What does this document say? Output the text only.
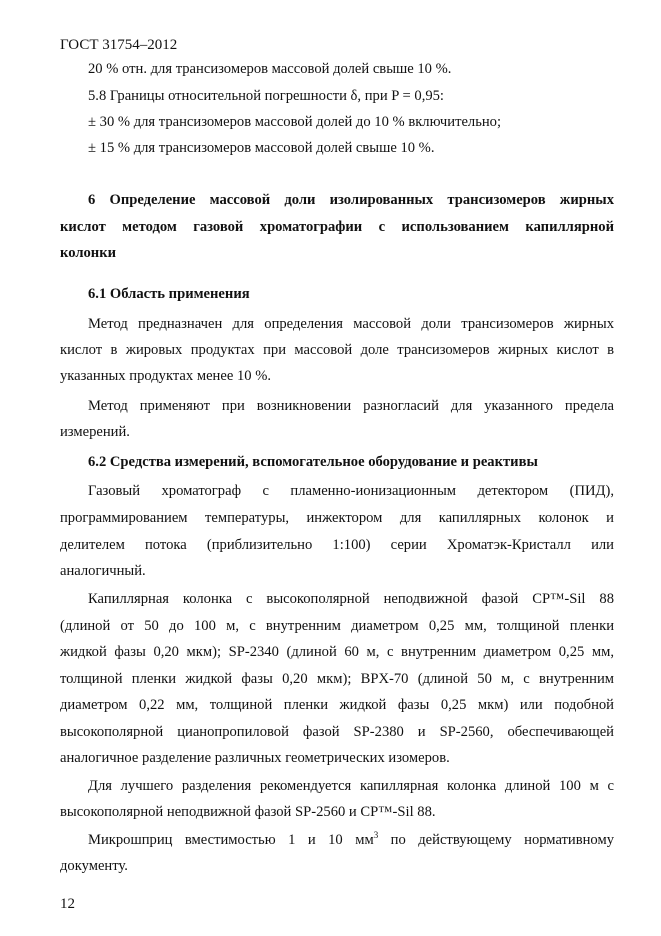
ГОСТ 31754–2012
20 % отн. для трансизомеров массовой долей свыше 10 %.
5.8 Границы относительной погрешности δ, при P = 0,95:
± 30 % для трансизомеров массовой долей до 10 % включительно;
± 15 % для трансизомеров массовой долей свыше 10 %.
6 Определение массовой доли изолированных трансизомеров жирных
кислот методом газовой хроматографии с использованием капиллярной
колонки
6.1 Область применения
Метод предназначен для определения массовой доли трансизомеров жирных
кислот в жировых продуктах при массовой доле трансизомеров жирных кислот в
указанных продуктах менее 10 %.
Метод применяют при возникновении разногласий для указанного предела
измерений.
6.2 Средства измерений, вспомогательное оборудование и реактивы
Газовый хроматограф с пламенно-ионизационным детектором (ПИД),
программированием температуры, инжектором для капиллярных колонок и
делителем потока (приблизительно 1:100) серии Хроматэк-Кристалл или
аналогичный.
Капиллярная колонка с высокополярной неподвижной фазой CP™-Sil 88
(длиной от 50 до 100 м, с внутренним диаметром 0,25 мм, толщиной пленки
жидкой фазы 0,20 мкм); SP-2340 (длиной 60 м, с внутренним диаметром 0,25 мм,
толщиной пленки жидкой фазы 0,20 мкм); BPX-70 (длиной 50 м, с внутренним
диаметром 0,22 мм, толщиной пленки жидкой фазы 0,25 мкм) или подобной
высокополярной цианопропиловой фазой SP-2380 и SP-2560, обеспечивающей
аналогичное разделение различных геометрических изомеров.
Для лучшего разделения рекомендуется капиллярная колонка длиной 100 м с
высокополярной неподвижной фазой SP-2560 и CP™-Sil 88.
Микрошприц вместимостью 1 и 10 $мм^3$ по действующему нормативному
документу.
12
